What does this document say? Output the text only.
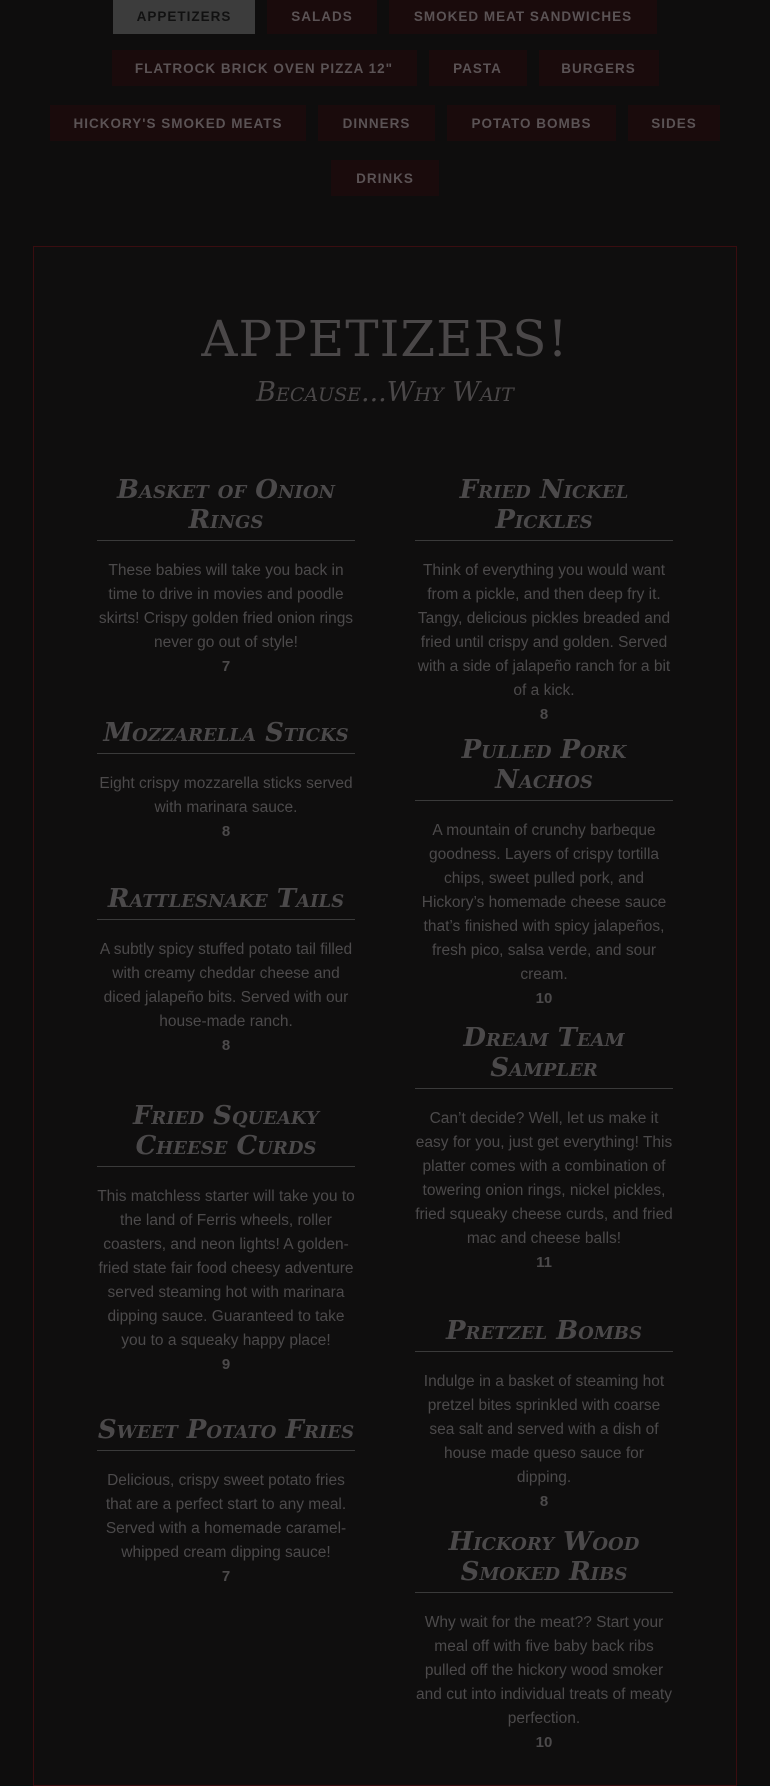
APPETIZERS	SALADS	SMOKED MEAT SANDWICHES
FLATROCK BRICK OVEN PIZZA 12"	PASTA	BURGERS
HICKORY'S SMOKED MEATS	DINNERS	POTATO BOMBS	SIDES
DRINKS
APPETIZERS!
Because...Why Wait
Basket of Onion Rings

These babies will take you back in time to drive in movies and poodle skirts! Crispy golden fried onion rings never go out of style!

7

Mozzarella Sticks

Eight crispy mozzarella sticks served with marinara sauce.

8

Rattlesnake Tails

A subtly spicy stuffed potato tail filled with creamy cheddar cheese and diced jalapeño bits. Served with our house-made ranch.

8

Fried Squeaky Cheese Curds

This matchless starter will take you to the land of Ferris wheels, roller coasters, and neon lights! A golden-fried state fair food cheesy adventure served steaming hot with marinara dipping sauce. Guaranteed to take you to a squeaky happy place!

9

Sweet Potato Fries

Delicious, crispy sweet potato fries that are a perfect start to any meal. Served with a homemade caramel-whipped cream dipping sauce!

7

Fried Nickel Pickles

Think of everything you would want from a pickle, and then deep fry it. Tangy, delicious pickles breaded and fried until crispy and golden. Served with a side of jalapeño ranch for a bit of a kick.

8

Pulled Pork Nachos

A mountain of crunchy barbeque goodness. Layers of crispy tortilla chips, sweet pulled pork, and Hickory’s homemade cheese sauce that’s finished with spicy jalapeños, fresh pico, salsa verde, and sour cream.

10

Dream Team Sampler

Can’t decide? Well, let us make it easy for you, just get everything! This platter comes with a combination of towering onion rings, nickel pickles, fried squeaky cheese curds, and fried mac and cheese balls!

11

Pretzel Bombs

Indulge in a basket of steaming hot pretzel bites sprinkled with coarse sea salt and served with a dish of house made queso sauce for dipping.

8

Hickory Wood Smoked Ribs

Why wait for the meat?? Start your meal off with five baby back ribs pulled off the hickory wood smoker and cut into individual treats of meaty perfection.

10
